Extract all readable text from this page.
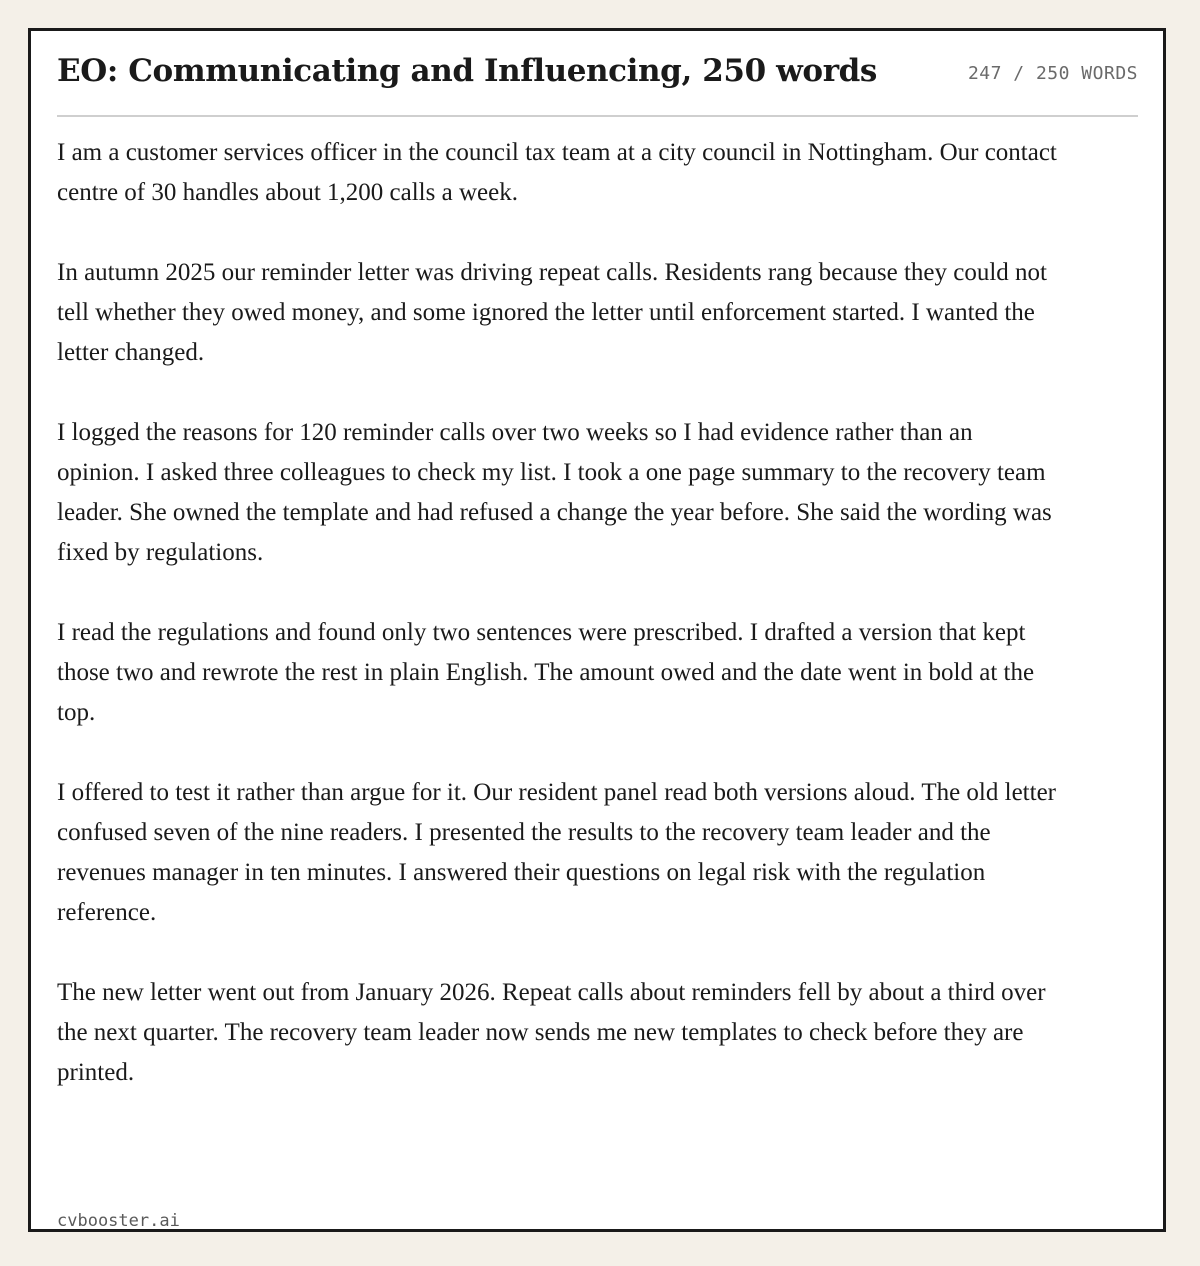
EO: Communicating and Influencing, 250 words	247 / 250 WORDS

I am a customer services officer in the council tax team at a city council in Nottingham. Our contact centre of 30 handles about 1,200 calls a week.

In autumn 2025 our reminder letter was driving repeat calls. Residents rang because they could not tell whether they owed money, and some ignored the letter until enforcement started. I wanted the letter changed.

I logged the reasons for 120 reminder calls over two weeks so I had evidence rather than an opinion. I asked three colleagues to check my list. I took a one page summary to the recovery team leader. She owned the template and had refused a change the year before. She said the wording was fixed by regulations.

I read the regulations and found only two sentences were prescribed. I drafted a version that kept those two and rewrote the rest in plain English. The amount owed and the date went in bold at the top.

I offered to test it rather than argue for it. Our resident panel read both versions aloud. The old letter confused seven of the nine readers. I presented the results to the recovery team leader and the revenues manager in ten minutes. I answered their questions on legal risk with the regulation reference.

The new letter went out from January 2026. Repeat calls about reminders fell by about a third over the next quarter. The recovery team leader now sends me new templates to check before they are printed.

cvbooster.ai
